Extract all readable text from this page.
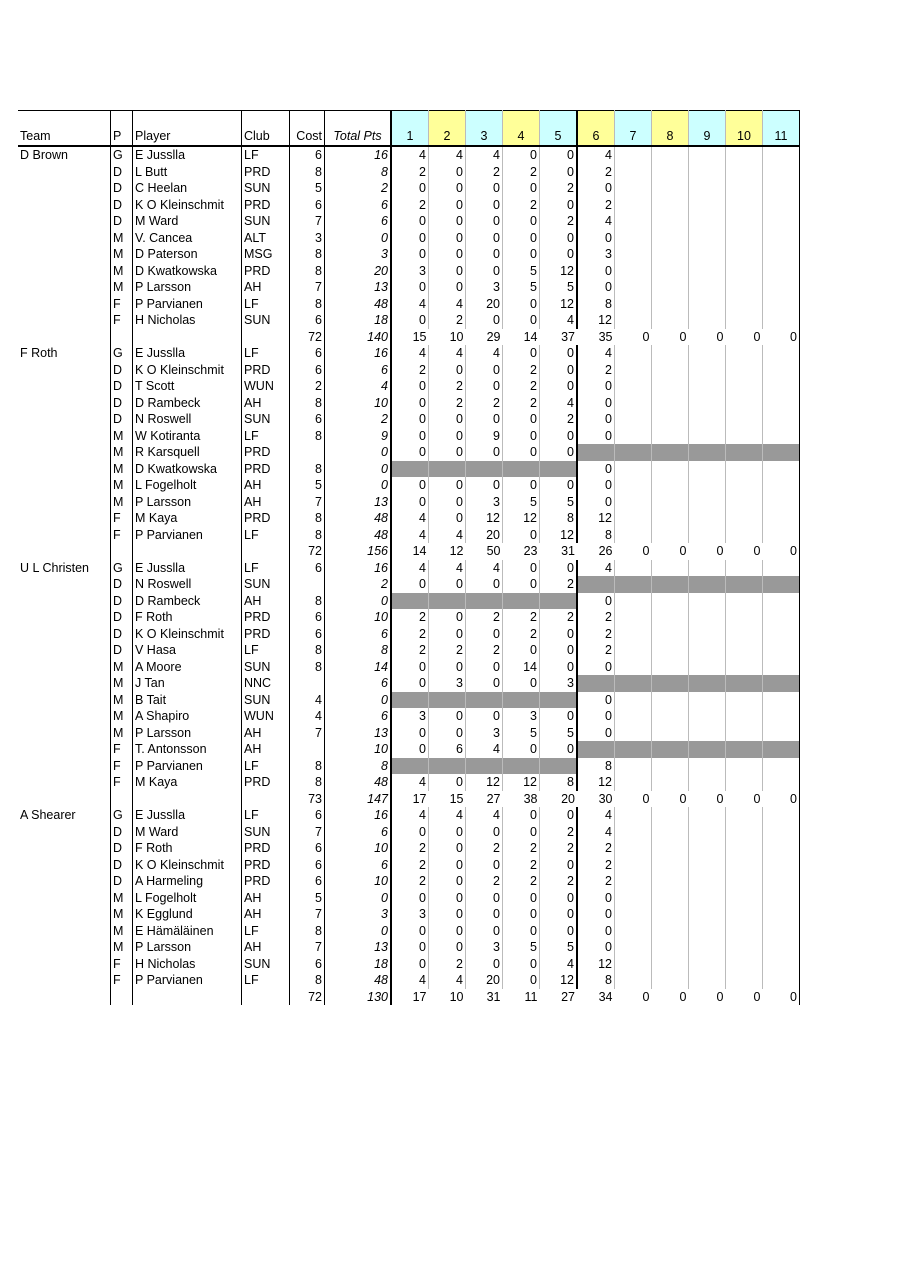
Team	P	Player	Club	Cost	Total Pts	1	2	3	4	5	6	7	8	9	10	11
D Brown	G	E Jusslla	LF	6	16	4	4	4	0	0	4					
	D	L Butt	PRD	8	8	2	0	2	2	0	2					
	D	C Heelan	SUN	5	2	0	0	0	0	2	0					
	D	K O Kleinschmit	PRD	6	6	2	0	0	2	0	2					
	D	M Ward	SUN	7	6	0	0	0	0	2	4					
	M	V. Cancea	ALT	3	0	0	0	0	0	0	0					
	M	D Paterson	MSG	8	3	0	0	0	0	0	3					
	M	D Kwatkowska	PRD	8	20	3	0	0	5	12	0					
	M	P Larsson	AH	7	13	0	0	3	5	5	0					
	F	P Parvianen	LF	8	48	4	4	20	0	12	8					
	F	H Nicholas	SUN	6	18	0	2	0	0	4	12					
				72	140	15	10	29	14	37	35	0	0	0	0	0
F Roth	G	E Jusslla	LF	6	16	4	4	4	0	0	4					
	D	K O Kleinschmit	PRD	6	6	2	0	0	2	0	2					
	D	T Scott	WUN	2	4	0	2	0	2	0	0					
	D	D Rambeck	AH	8	10	0	2	2	2	4	0					
	D	N Roswell	SUN	6	2	0	0	0	0	2	0					
	M	W Kotiranta	LF	8	9	0	0	9	0	0	0					
	M	R Karsquell	PRD		0	0	0	0	0	0						
	M	D Kwatkowska	PRD	8	0						0					
	M	L Fogelholt	AH	5	0	0	0	0	0	0	0					
	M	P Larsson	AH	7	13	0	0	3	5	5	0					
	F	M Kaya	PRD	8	48	4	0	12	12	8	12					
	F	P Parvianen	LF	8	48	4	4	20	0	12	8					
				72	156	14	12	50	23	31	26	0	0	0	0	0
U L Christen	G	E Jusslla	LF	6	16	4	4	4	0	0	4					
	D	N Roswell	SUN		2	0	0	0	0	2						
	D	D Rambeck	AH	8	0						0					
	D	F Roth	PRD	6	10	2	0	2	2	2	2					
	D	K O Kleinschmit	PRD	6	6	2	0	0	2	0	2					
	D	V Hasa	LF	8	8	2	2	2	0	0	2					
	M	A Moore	SUN	8	14	0	0	0	14	0	0					
	M	J Tan	NNC		6	0	3	0	0	3						
	M	B Tait	SUN	4	0						0					
	M	A Shapiro	WUN	4	6	3	0	0	3	0	0					
	M	P Larsson	AH	7	13	0	0	3	5	5	0					
	F	T. Antonsson	AH		10	0	6	4	0	0						
	F	P Parvianen	LF	8	8						8					
	F	M Kaya	PRD	8	48	4	0	12	12	8	12					
				73	147	17	15	27	38	20	30	0	0	0	0	0
A Shearer	G	E Jusslla	LF	6	16	4	4	4	0	0	4					
	D	M Ward	SUN	7	6	0	0	0	0	2	4					
	D	F Roth	PRD	6	10	2	0	2	2	2	2					
	D	K O Kleinschmit	PRD	6	6	2	0	0	2	0	2					
	D	A Harmeling	PRD	6	10	2	0	2	2	2	2					
	M	L Fogelholt	AH	5	0	0	0	0	0	0	0					
	M	K Egglund	AH	7	3	3	0	0	0	0	0					
	M	E Hämäläinen	LF	8	0	0	0	0	0	0	0					
	M	P Larsson	AH	7	13	0	0	3	5	5	0					
	F	H Nicholas	SUN	6	18	0	2	0	0	4	12					
	F	P Parvianen	LF	8	48	4	4	20	0	12	8					
				72	130	17	10	31	11	27	34	0	0	0	0	0
